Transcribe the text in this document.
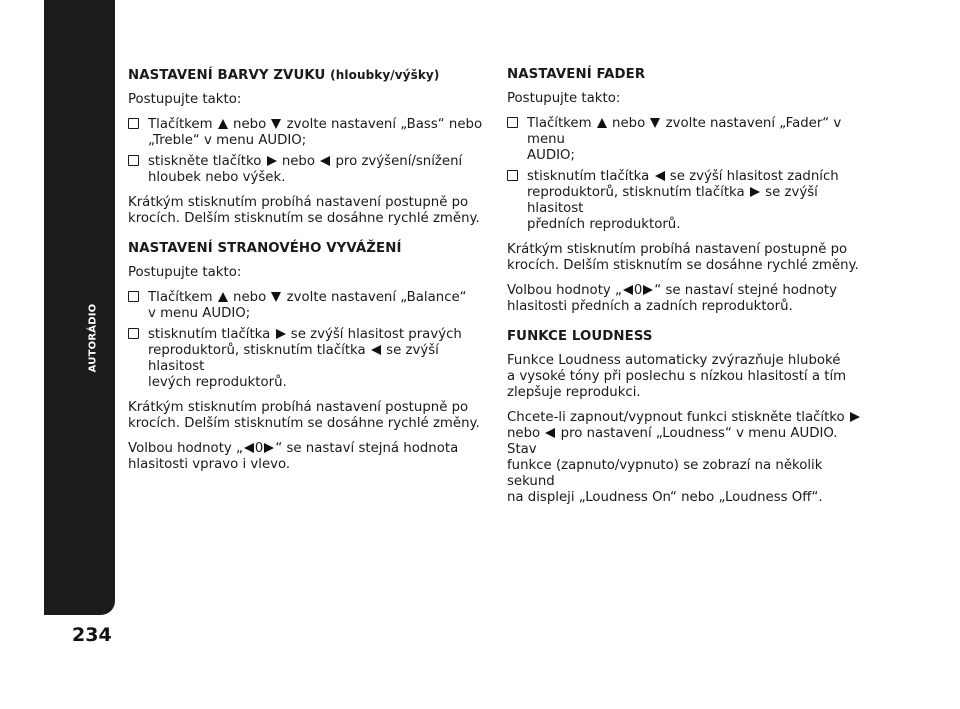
AUTORÁDIO
234
NASTAVENÍ BARVY ZVUKU (hloubky/výšky)

Postupujte takto:

Tlačítkem nebo zvolte nastavení „Bass“ nebo
„Treble“ v menu AUDIO;
stiskněte tlačítko nebo pro zvýšení/snížení
hloubek nebo výšek.

Krátkým stisknutím probíhá nastavení postupně po
krocích. Delším stisknutím se dosáhne rychlé změny.

NASTAVENÍ STRANOVÉHO VYVÁŽENÍ

Postupujte takto:

Tlačítkem nebo zvolte nastavení „Balance“
v menu AUDIO;
stisknutím tlačítka se zvýší hlasitost pravých
reproduktorů, stisknutím tlačítka se zvýší hlasitost
levých reproduktorů.

Krátkým stisknutím probíhá nastavení postupně po
krocích. Delším stisknutím se dosáhne rychlé změny.

Volbou hodnoty „ 0 “ se nastaví stejná hodnota
hlasitosti vpravo i vlevo.

NASTAVENÍ FADER

Postupujte takto:

Tlačítkem nebo zvolte nastavení „Fader“ v menu
AUDIO;
stisknutím tlačítka se zvýší hlasitost zadních
reproduktorů, stisknutím tlačítka se zvýší hlasitost
předních reproduktorů.

Krátkým stisknutím probíhá nastavení postupně po
krocích. Delším stisknutím se dosáhne rychlé změny.

Volbou hodnoty „ 0 “ se nastaví stejné hodnoty
hlasitosti předních a zadních reproduktorů.

FUNKCE LOUDNESS

Funkce Loudness automaticky zvýrazňuje hluboké
a vysoké tóny při poslechu s nízkou hlasitostí a tím
zlepšuje reprodukci.

Chcete-li zapnout/vypnout funkci stiskněte tlačítko
nebo pro nastavení „Loudness“ v menu AUDIO. Stav
funkce (zapnuto/vypnuto) se zobrazí na několik sekund
na displeji „Loudness On“ nebo „Loudness Off“.
